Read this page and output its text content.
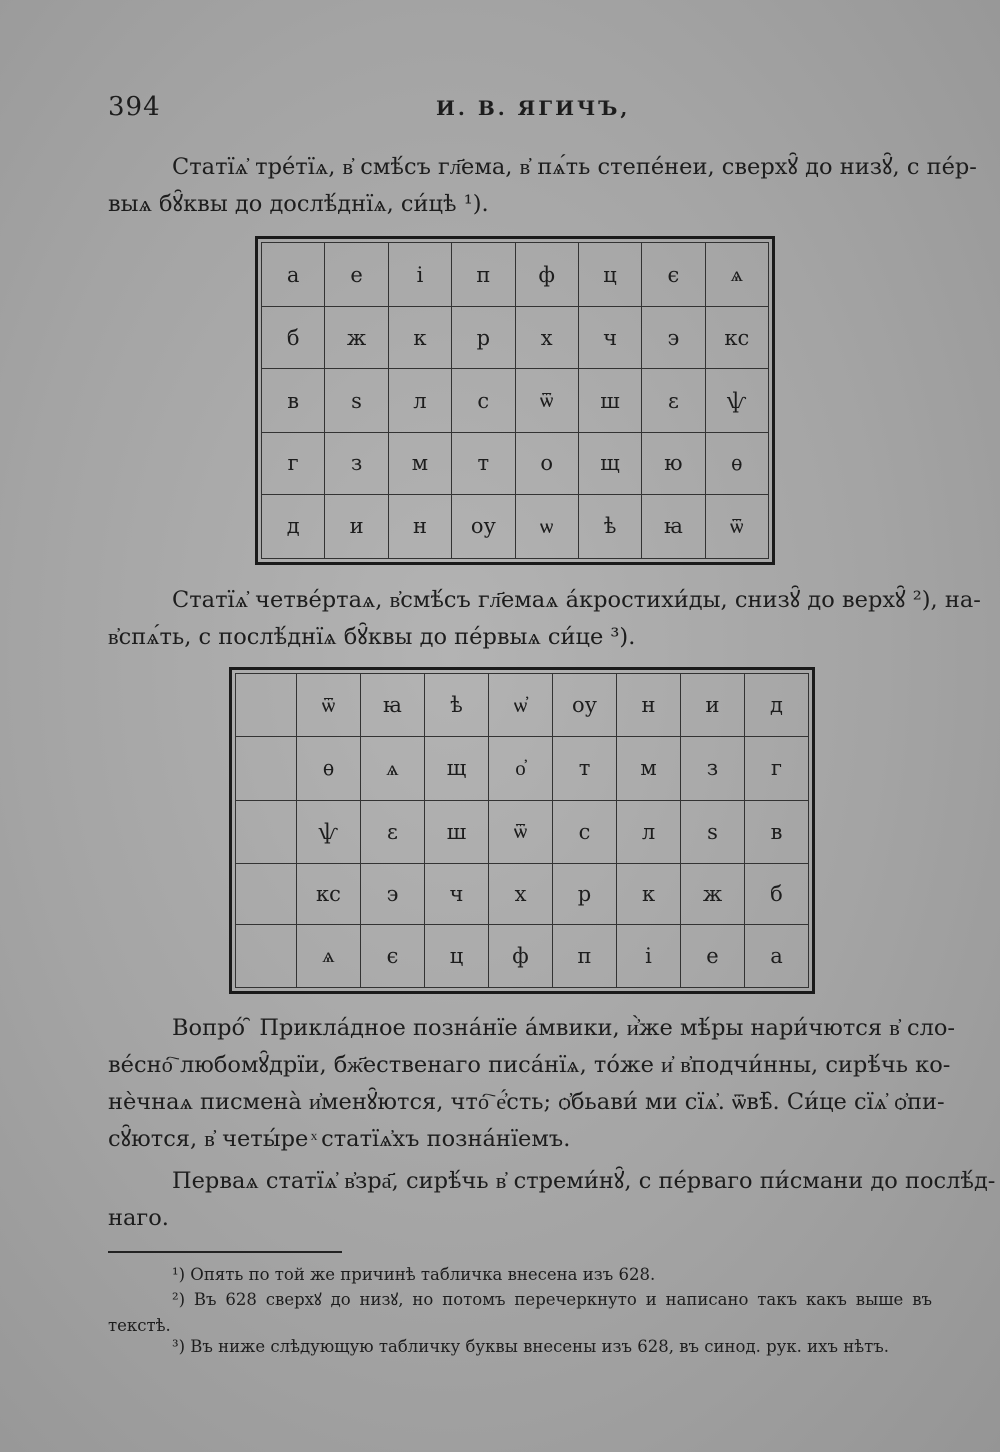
394	И. В. ЯГИЧЪ,
Статїѧ҆ тре́тїѧ, в҆ смѣ́съ гл҃ема, в҆ пѧ́ть степе́неи, сверхꙋ̑ до низꙋ̑, с пе́р-
выѧ бꙋ̑квы до дослѣ́днїѧ, си́цѣ ¹).
а	е	і	п	ф	ц	є	ѧ
б	ж	к	р	х	ч	э	кс
в	ѕ	л	с	ѿ	ш	ɛ	ѱ
г	з	м	т	о	щ	ю	ѳ
д	и	н	оу	ѡ	ѣ	ꙗ	ѿ
Статїѧ҆ четве́ртаѧ, в҆смѣ́съ гл҃емаѧ а́кростихи́ды, снизꙋ̑ до верхꙋ̑ ²), на-
в҆спѧ́ть, с послѣ́днїѧ бꙋ̑квы до пе́рвыѧ си́це ³).
	ѿ	ꙗ	ѣ	ѡ̓	оу	н	и	д
	ѳ	ѧ	щ	о҆	т	м	з	г
	ѱ	ɛ	ш	ѿ	с	л	ѕ	в
	кс	э	ч	х	р	к	ж	б
	ѧ	є	ц	ф	п	і	е	а
Вопро́ ̑ Прикла́дное позна́нїе а́мвики, и҆̀же мѣ́ры нари́чются в҆ сло-
ве́сно҇ любомꙋ̑дрїи, бж҃ественаго писа́нїѧ, то́же и҆ в҆подчи́нны, сирѣ́чь ко-
нѐчнаѧ писмена̀ и҆менꙋ̑ются, что҇ е҆́сть; ѻ҆бьави́ ми сїѧ҆. ѿвѣ̑. Си́це сїѧ҆ ѻ҆пи-
сꙋ̑ются, в҆ четы́ре ͯ статїѧ҆хъ позна́нїемъ.
Перваѧ статїѧ҆ в҆зра҃, сирѣ́чь в҆ стреми́нꙋ̑, с пе́рваго пи́смани до послѣ́д-
наго.
¹) Опять по той же причинѣ табличка внесена изъ 628.
²) Въ 628 сверхꙋ до низꙋ, но потомъ перечеркнуто и написано такъ какъ выше въ
текстѣ.
³) Въ ниже слѣдующую табличку буквы внесены изъ 628, въ синод. рук. ихъ нѣтъ.
